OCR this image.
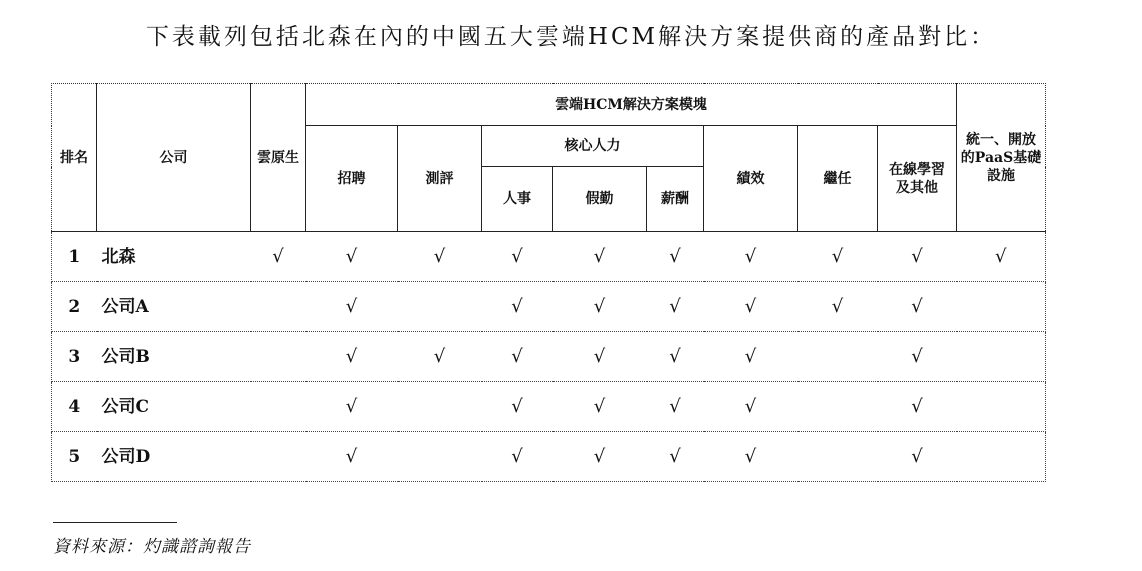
下表載列包括北森在內的中國五大雲端HCM解決方案提供商的產品對比：
排名	公司	雲原生	雲端HCM解決方案模塊								統一、開放的PaaS基礎設施
			招聘	測評	核心人力			績效	繼任	在線學習及其他	
					人事	假勤	薪酬				
1	北森	√	√	√	√	√	√	√	√	√	√
2	公司A		√		√	√	√	√	√	√	
3	公司B		√	√	√	√	√	√		√	
4	公司C		√		√	√	√	√		√	
5	公司D		√		√	√	√	√		√	
資料來源：灼識諮詢報告
